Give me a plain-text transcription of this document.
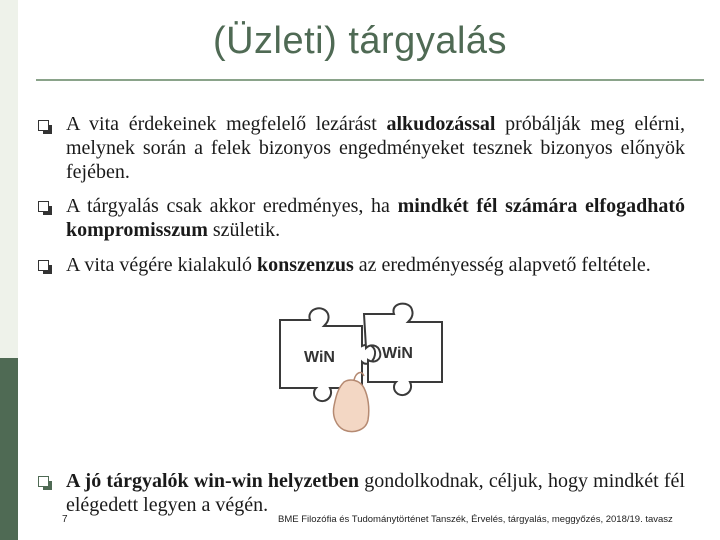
(Üzleti) tárgyalás
A vita érdekeinek megfelelő lezárást alkudozással próbálják meg elérni, melynek során a felek bizonyos engedményeket tesznek bizonyos előnyök fejében.
A tárgyalás csak akkor eredményes, ha mindkét fél számára elfogadható kompromisszum születik.
A vita végére kialakuló konszenzus az eredményesség alapvető feltétele.
WiN	WiN
A jó tárgyalók win-win helyzetben gondolkodnak, céljuk, hogy mindkét fél elégedett legyen a végén.
7	BME Filozófia és Tudománytörténet Tanszék, Érvelés, tárgyalás, meggyőzés, 2018/19. tavasz
